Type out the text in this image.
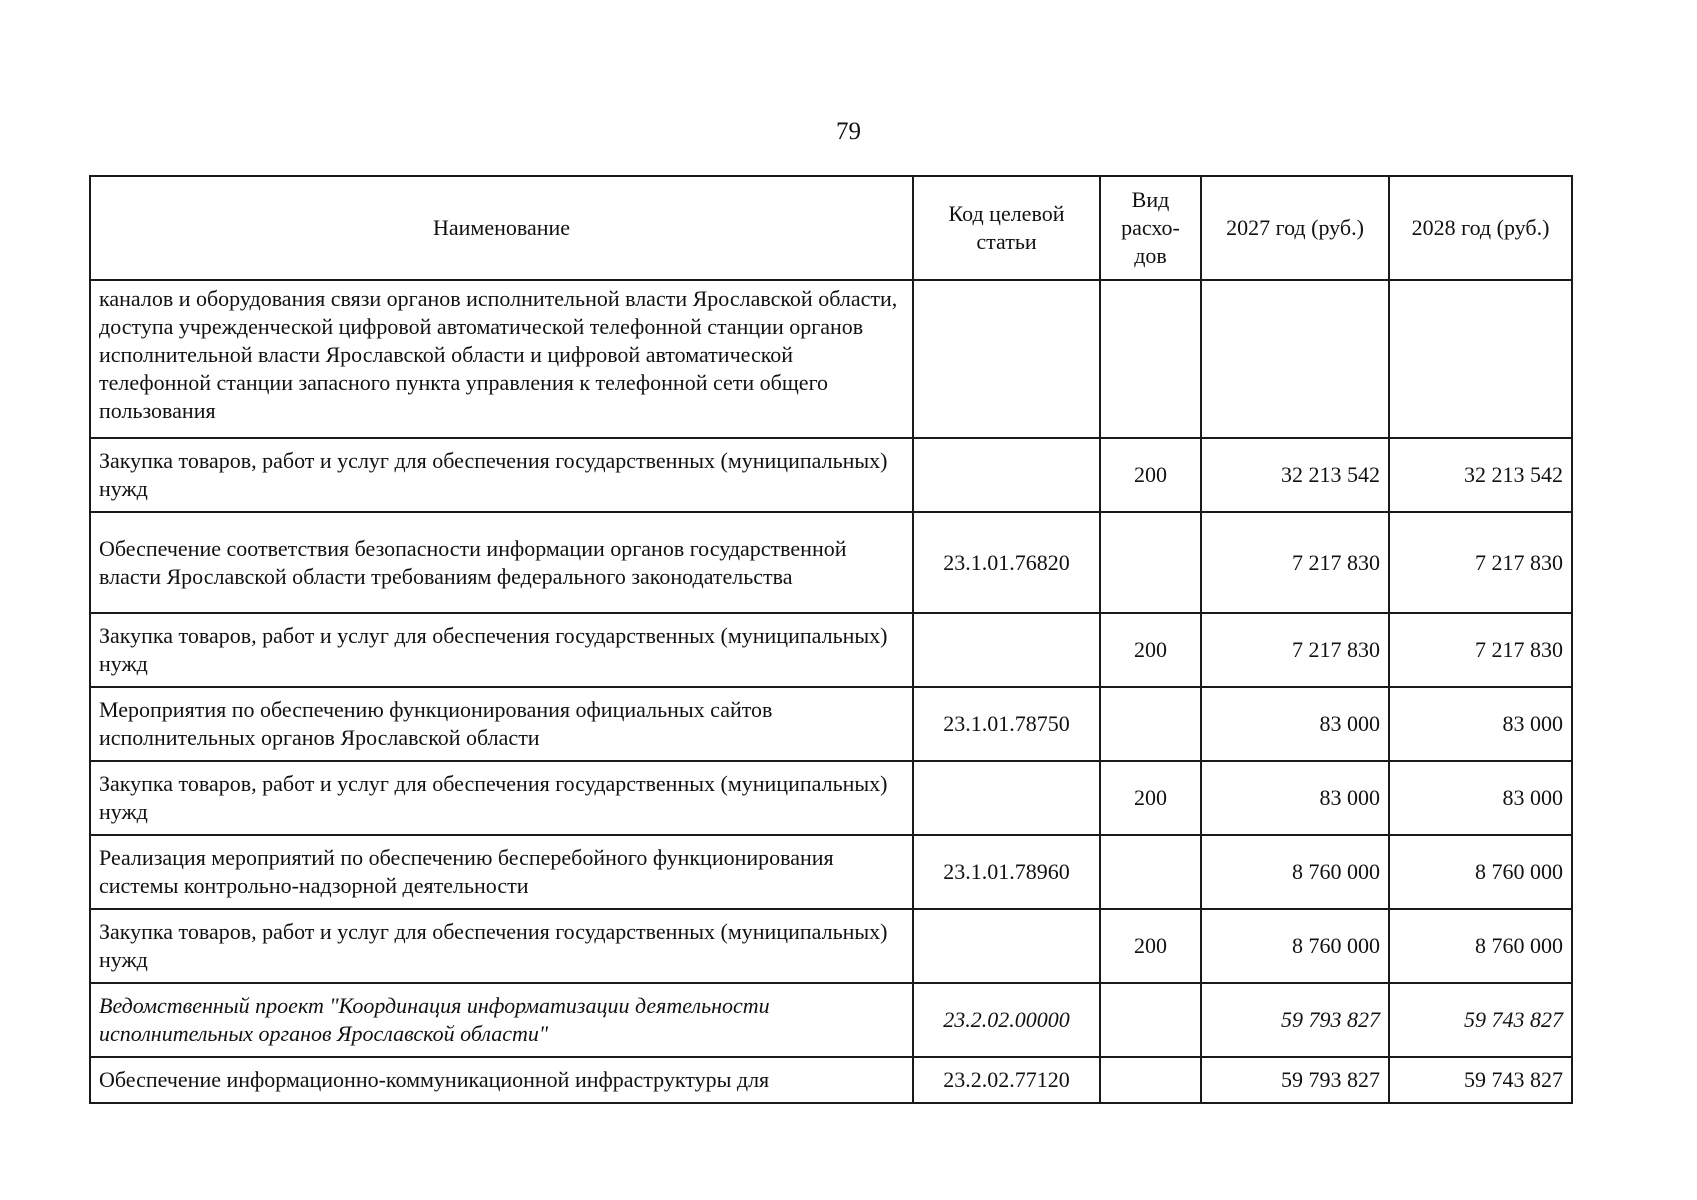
79
Наименование	Код целевой статьи	Вид расхо-дов	2027 год (руб.)	2028 год (руб.)
каналов и оборудования связи органов исполнительной власти Ярославской области, доступа учрежденческой цифровой автоматической телефонной станции органов исполнительной власти Ярославской области и цифровой автоматической телефонной станции запасного пункта управления к телефонной сети общего пользования				
Закупка товаров, работ и услуг для обеспечения государственных (муниципальных) нужд		200	32 213 542	32 213 542
Обеспечение соответствия безопасности информации органов государственной власти Ярославской области требованиям федерального законодательства	23.1.01.76820		7 217 830	7 217 830
Закупка товаров, работ и услуг для обеспечения государственных (муниципальных) нужд		200	7 217 830	7 217 830
Мероприятия по обеспечению функционирования официальных сайтов исполнительных органов Ярославской области	23.1.01.78750		83 000	83 000
Закупка товаров, работ и услуг для обеспечения государственных (муниципальных) нужд		200	83 000	83 000
Реализация мероприятий по обеспечению бесперебойного функционирования системы контрольно-надзорной деятельности	23.1.01.78960		8 760 000	8 760 000
Закупка товаров, работ и услуг для обеспечения государственных (муниципальных) нужд		200	8 760 000	8 760 000
Ведомственный проект "Координация информатизации деятельности исполнительных органов Ярославской области"	23.2.02.00000		59 793 827	59 743 827
Обеспечение информационно-коммуникационной инфраструктуры для	23.2.02.77120		59 793 827	59 743 827
